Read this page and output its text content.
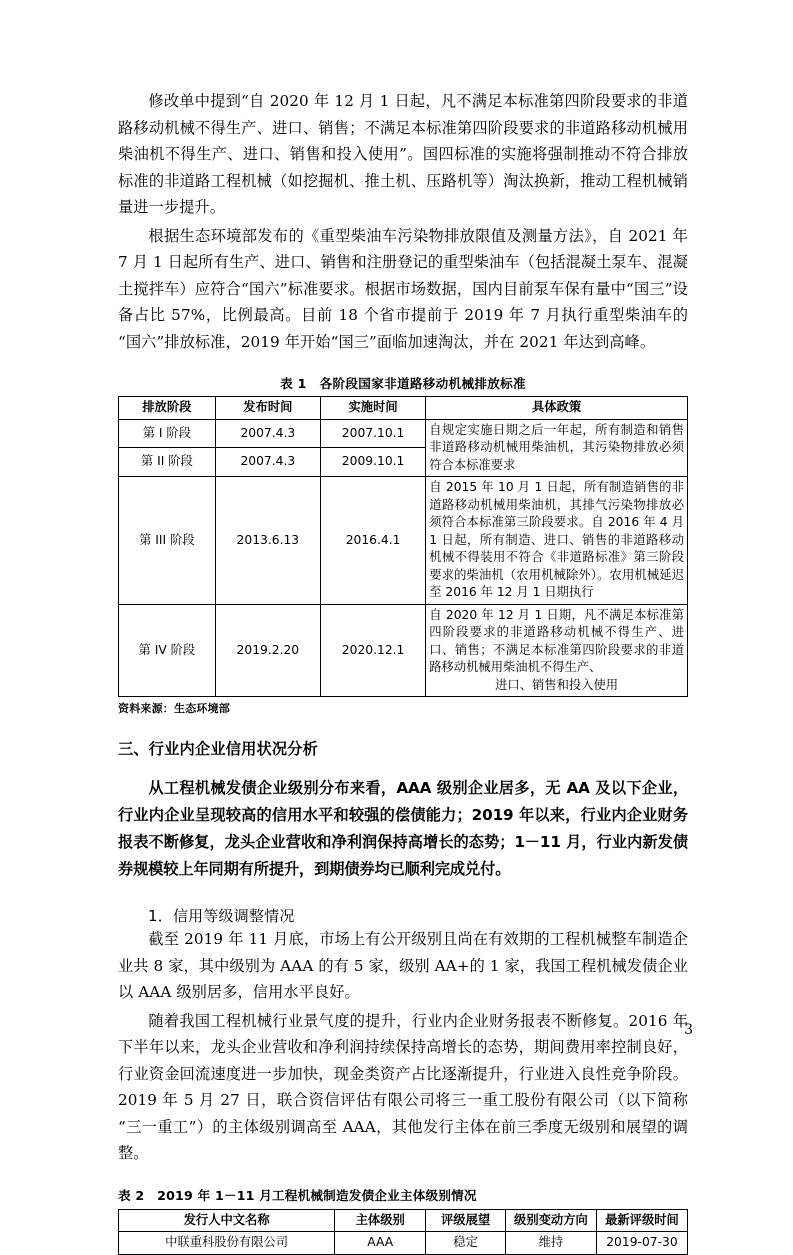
修改单中提到“自 2020 年 12 月 1 日起，凡不满足本标准第四阶段要求的非道路移动机械不得生产、进口、销售；不满足本标准第四阶段要求的非道路移动机械用柴油机不得生产、进口、销售和投入使用”。国四标准的实施将强制推动不符合排放标准的非道路工程机械（如挖掘机、推土机、压路机等）淘汰换新，推动工程机械销量进一步提升。

根据生态环境部发布的《重型柴油车污染物排放限值及测量方法》，自 2021 年 7 月 1 日起所有生产、进口、销售和注册登记的重型柴油车（包括混凝土泵车、混凝土搅拌车）应符合“国六”标准要求。根据市场数据，国内目前泵车保有量中“国三”设备占比 57%，比例最高。目前 18 个省市提前于 2019 年 7 月执行重型柴油车的“国六”排放标准，2019 年开始“国三”面临加速淘汰，并在 2021 年达到高峰。

表 1　各阶段国家非道路移动机械排放标准
排放阶段	发布时间	实施时间	具体政策
第 I 阶段	2007.4.3	2007.10.1	自规定实施日期之后一年起，所有制造和销售非道路移动机械用柴油机，其污染物排放必须符合本标准要求
第 II 阶段	2007.4.3	2009.10.1	
第 III 阶段	2013.6.13	2016.4.1	自 2015 年 10 月 1 日起，所有制造销售的非道路移动机械用柴油机，其排气污染物排放必须符合本标准第三阶段要求。自 2016 年 4 月 1 日起，所有制造、进口、销售的非道路移动机械不得装用不符合《非道路标准》第三阶段要求的柴油机（农用机械除外）。农用机械延迟至 2016 年 12 月 1 日期执行
第 IV 阶段	2019.2.20	2020.12.1	自 2020 年 12 月 1 日期，凡不满足本标准第四阶段要求的非道路移动机械不得生产、进口、销售；不满足本标准第四阶段要求的非道路移动机械用柴油机不得生产、
进口、销售和投入使用
资料来源：生态环境部
三、行业内企业信用状况分析

从工程机械发债企业级别分布来看，AAA 级别企业居多，无 AA 及以下企业，行业内企业呈现较高的信用水平和较强的偿债能力；2019 年以来，行业内企业财务报表不断修复，龙头企业营收和净利润保持高增长的态势；1－11 月，行业内新发债券规模较上年同期有所提升，到期债券均已顺利完成兑付。

1．信用等级调整情况

截至 2019 年 11 月底，市场上有公开级别且尚在有效期的工程机械整车制造企业共 8 家，其中级别为 AAA 的有 5 家，级别 AA+的 1 家，我国工程机械发债企业以 AAA 级别居多，信用水平良好。

随着我国工程机械行业景气度的提升，行业内企业财务报表不断修复。2016 年下半年以来，龙头企业营收和净利润持续保持高增长的态势，期间费用率控制良好，行业资金回流速度进一步加快，现金类资产占比逐渐提升，行业进入良性竞争阶段。2019 年 5 月 27 日，联合资信评估有限公司将三一重工股份有限公司（以下简称“三一重工”）的主体级别调高至 AAA，其他发行主体在前三季度无级别和展望的调整。

表 2　2019 年 1－11 月工程机械制造发债企业主体级别情况
发行人中文名称	主体级别	评级展望	级别变动方向	最新评级时间
中联重科股份有限公司	AAA	稳定	维持	2019-07-30
3
